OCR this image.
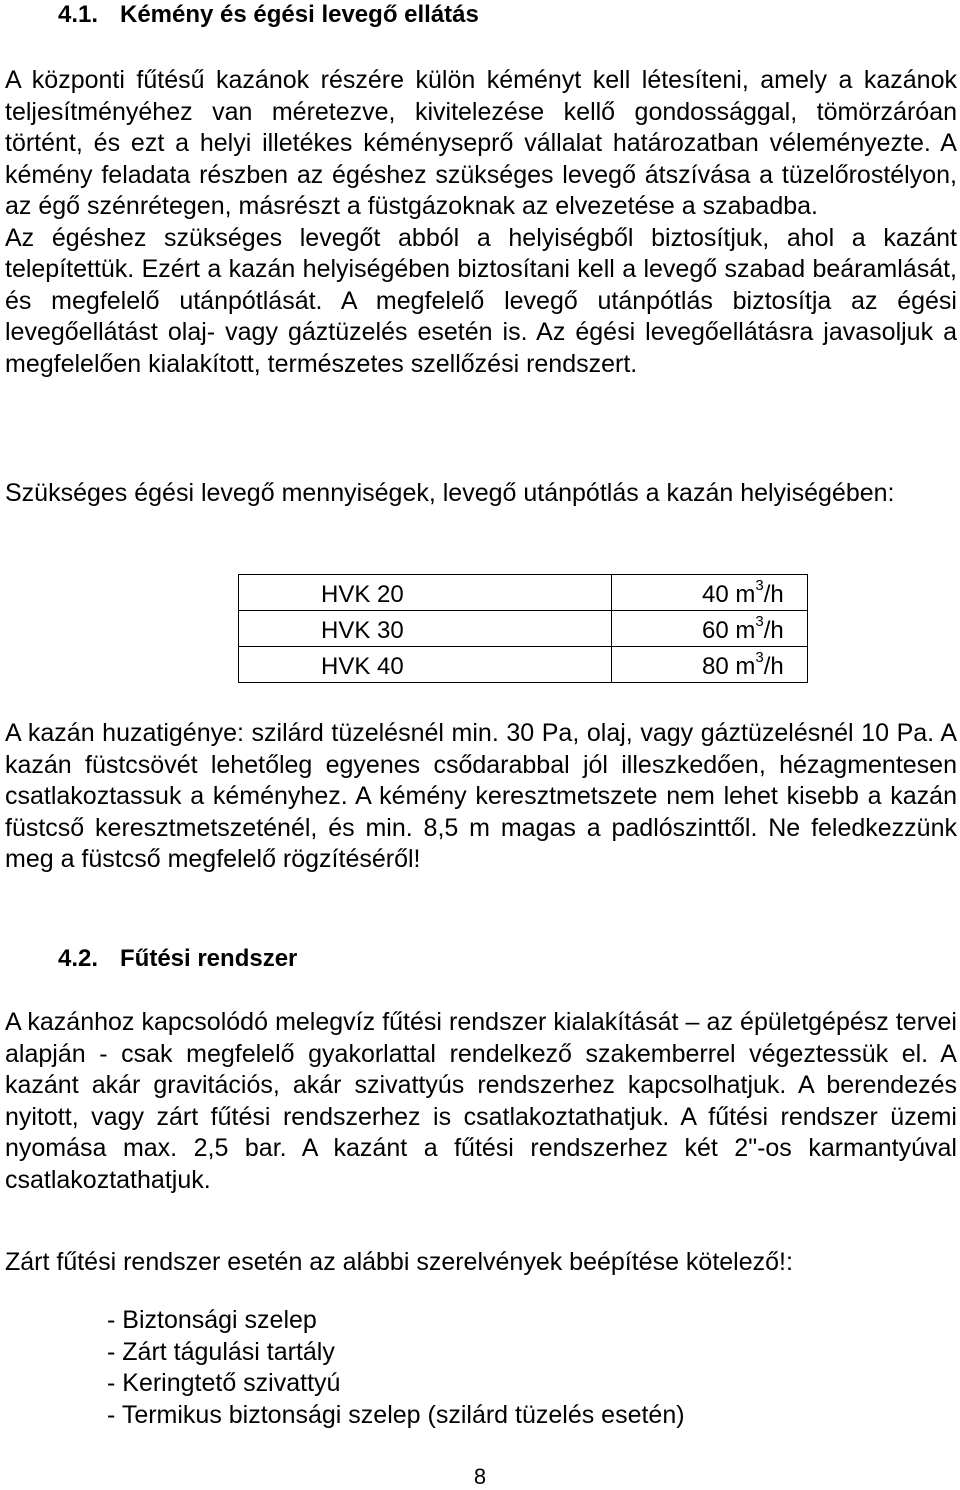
4.1. Kémény és égési levegő ellátás

A központi fűtésű kazánok részére külön kéményt kell létesíteni, amely a kazánok teljesítményéhez van méretezve, kivitelezése kellő gondossággal, tömörzáróan történt, és ezt a helyi illetékes kéményseprő vállalat határozatban véleményezte. A kémény feladata részben az égéshez szükséges levegő átszívása a tüzelőrostélyon, az égő szénrétegen, másrészt a füstgázoknak az elvezetése a szabadba.

Az égéshez szükséges levegőt abból a helyiségből biztosítjuk, ahol a kazánt telepítettük. Ezért a kazán helyiségében biztosítani kell a levegő szabad beáramlását, és megfelelő utánpótlását. A megfelelő levegő utánpótlás biztosítja az égési levegőellátást olaj- vagy gáztüzelés esetén is. Az égési levegőellátásra javasoljuk a megfelelően kialakított, természetes szellőzési rendszert.

Szükséges égési levegő mennyiségek, levegő utánpótlás a kazán helyiségében:

HVK 20	40 $m^3/h$
HVK 30	60 $m^3/h$
HVK 40	80 $m^3/h$

A kazán huzatigénye: szilárd tüzelésnél min. 30 Pa, olaj, vagy gáztüzelésnél 10 Pa. A kazán füstcsövét lehetőleg egyenes csődarabbal jól illeszkedően, hézagmentesen csatlakoztassuk a kéményhez. A kémény keresztmetszete nem lehet kisebb a kazán füstcső keresztmetszeténél, és min. 8,5 m magas a padlószinttől. Ne feledkezzünk meg a füstcső megfelelő rögzítéséről!

4.2. Fűtési rendszer

A kazánhoz kapcsolódó melegvíz fűtési rendszer kialakítását – az épületgépész tervei alapján - csak megfelelő gyakorlattal rendelkező szakemberrel végeztessük el. A kazánt akár gravitációs, akár szivattyús rendszerhez kapcsolhatjuk. A berendezés nyitott, vagy zárt fűtési rendszerhez is csatlakoztathatjuk. A fűtési rendszer üzemi nyomása max. 2,5 bar. A kazánt a fűtési rendszerhez két 2"-os karmantyúval csatlakoztathatjuk.

Zárt fűtési rendszer esetén az alábbi szerelvények beépítése kötelező!:

- Biztonsági szelep
- Zárt tágulási tartály
- Keringtető szivattyú
- Termikus biztonsági szelep (szilárd tüzelés esetén)
8
